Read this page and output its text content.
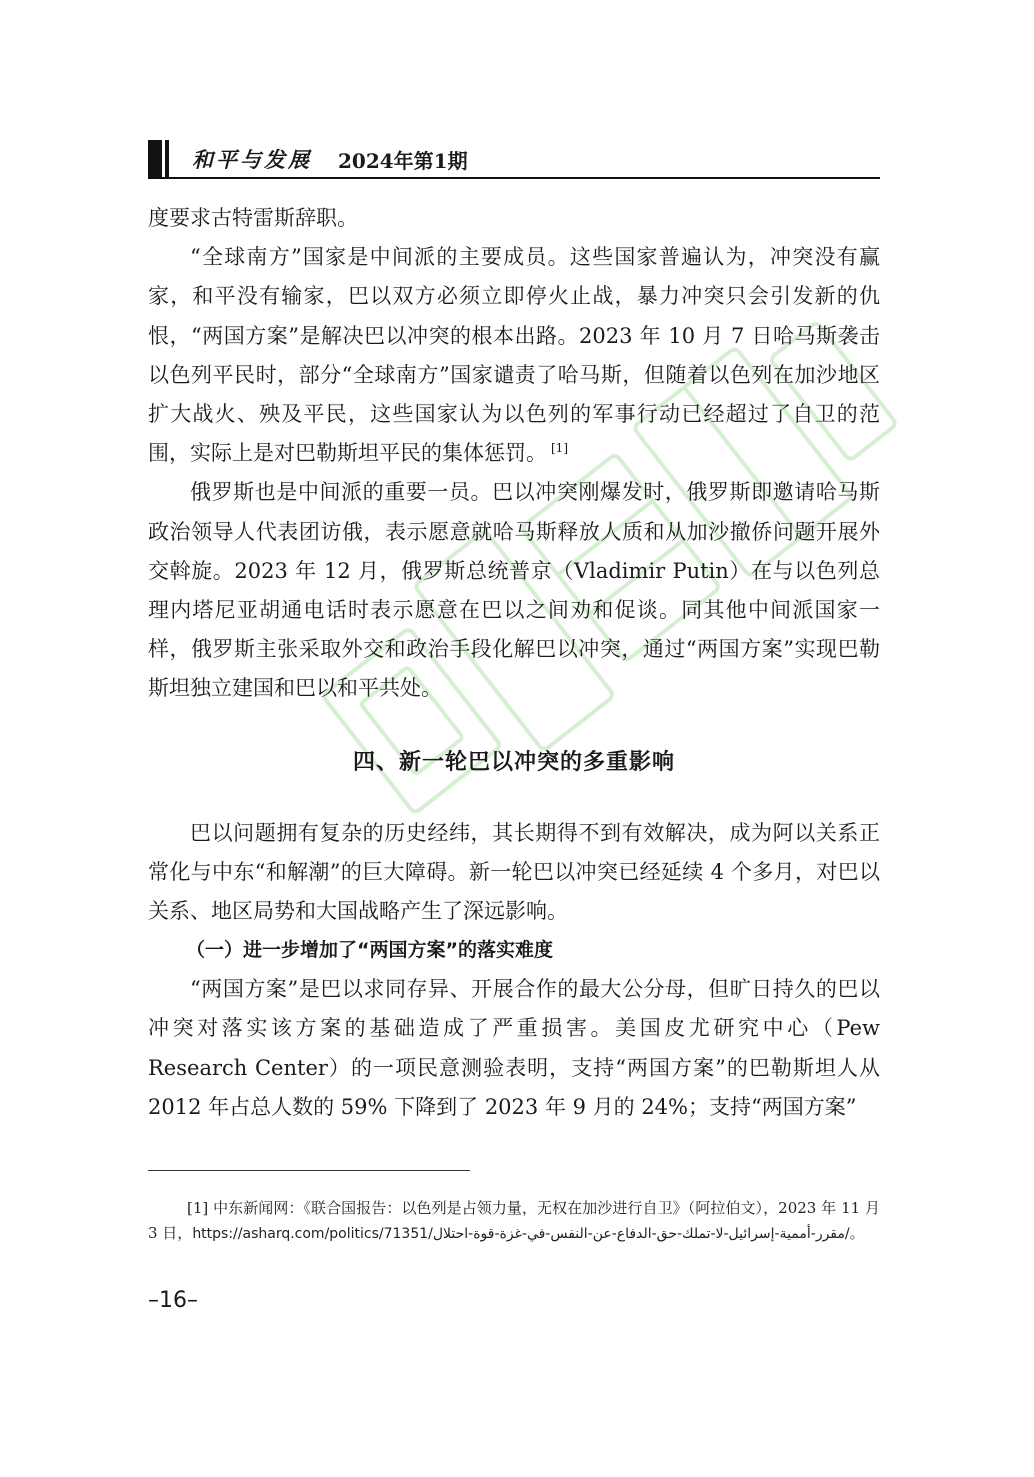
和平与发展 2024年第1期

度要求古特雷斯辞职。

“全球南方”国家是中间派的主要成员。这些国家普遍认为，冲突没有赢家，和平没有输家，巴以双方必须立即停火止战，暴力冲突只会引发新的仇恨，“两国方案”是解决巴以冲突的根本出路。2023 年 10 月 7 日哈马斯袭击以色列平民时，部分“全球南方”国家谴责了哈马斯，但随着以色列在加沙地区扩大战火、殃及平民，这些国家认为以色列的军事行动已经超过了自卫的范围，实际上是对巴勒斯坦平民的集体惩罚。 [1]

俄罗斯也是中间派的重要一员。巴以冲突刚爆发时，俄罗斯即邀请哈马斯政治领导人代表团访俄，表示愿意就哈马斯释放人质和从加沙撤侨问题开展外交斡旋。2023 年 12 月，俄罗斯总统普京（Vladimir Putin）在与以色列总理内塔尼亚胡通电话时表示愿意在巴以之间劝和促谈。同其他中间派国家一样，俄罗斯主张采取外交和政治手段化解巴以冲突，通过“两国方案”实现巴勒斯坦独立建国和巴以和平共处。

四、新一轮巴以冲突的多重影响

巴以问题拥有复杂的历史经纬，其长期得不到有效解决，成为阿以关系正常化与中东“和解潮”的巨大障碍。新一轮巴以冲突已经延续 4 个多月，对巴以关系、地区局势和大国战略产生了深远影响。

（一）进一步增加了“两国方案”的落实难度

“两国方案”是巴以求同存异、开展合作的最大公分母，但旷日持久的巴以冲突对落实该方案的基础造成了严重损害。美国皮尤研究中心（Pew Research Center）的一项民意测验表明，支持“两国方案”的巴勒斯坦人从 2012 年占总人数的 59% 下降到了 2023 年 9 月的 24%；支持“两国方案”

[1] 中东新闻网：《联合国报告：以色列是占领力量，无权在加沙进行自卫》（阿拉伯文），2023 年 11 月 3 日，https://asharq.com/politics/71351/مقرر-أممية-إسرائيل-لا-تملك-حق-الدفاع-عن-النفس-في-غزة-قوة-احتلال/。
–16–
